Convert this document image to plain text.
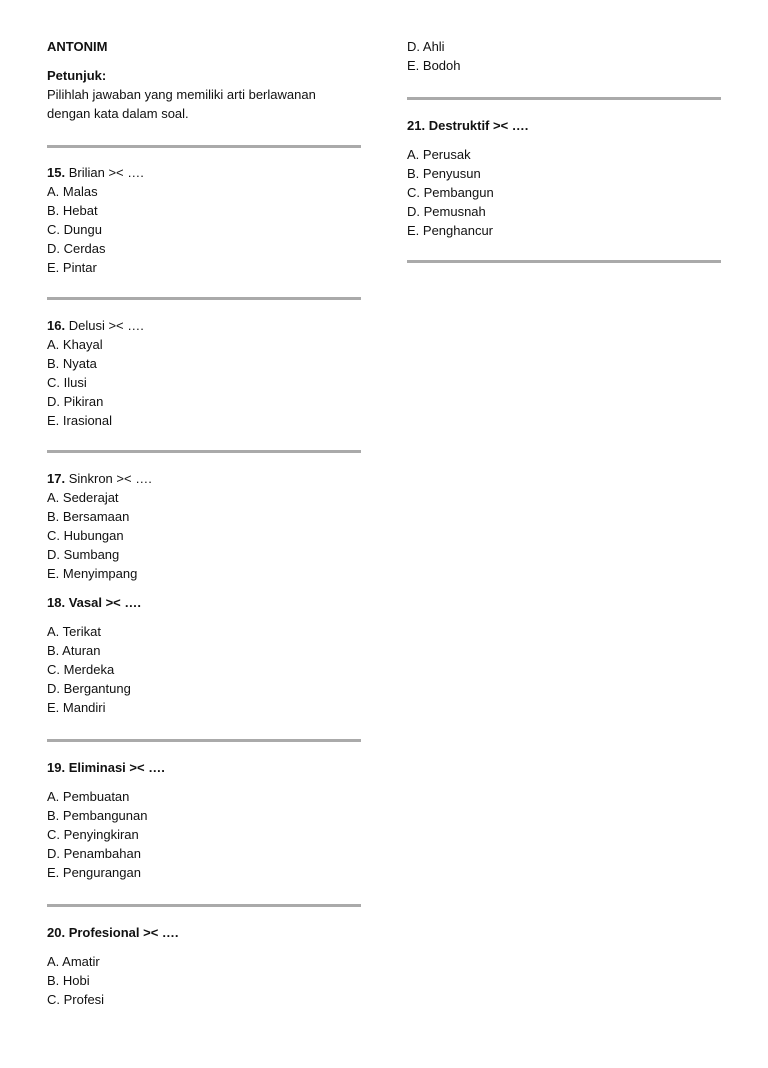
ANTONIM
Petunjuk:
Pilihlah jawaban yang memiliki arti berlawanan dengan kata dalam soal.
15. Brilian >< ….
A. Malas
B. Hebat
C. Dungu
D. Cerdas
E. Pintar
16. Delusi >< ….
A. Khayal
B. Nyata
C. Ilusi
D. Pikiran
E. Irasional
17. Sinkron >< ….
A. Sederajat
B. Bersamaan
C. Hubungan
D. Sumbang
E. Menyimpang
18. Vasal >< ….
A. Terikat
B. Aturan
C. Merdeka
D. Bergantung
E. Mandiri
19. Eliminasi >< ….
A. Pembuatan
B. Pembangunan
C. Penyingkiran
D. Penambahan
E. Pengurangan
20. Profesional >< ….
A. Amatir
B. Hobi
C. Profesi
D. Ahli
E. Bodoh
21. Destruktif >< ….
A. Perusak
B. Penyusun
C. Pembangun
D. Pemusnah
E. Penghancur
